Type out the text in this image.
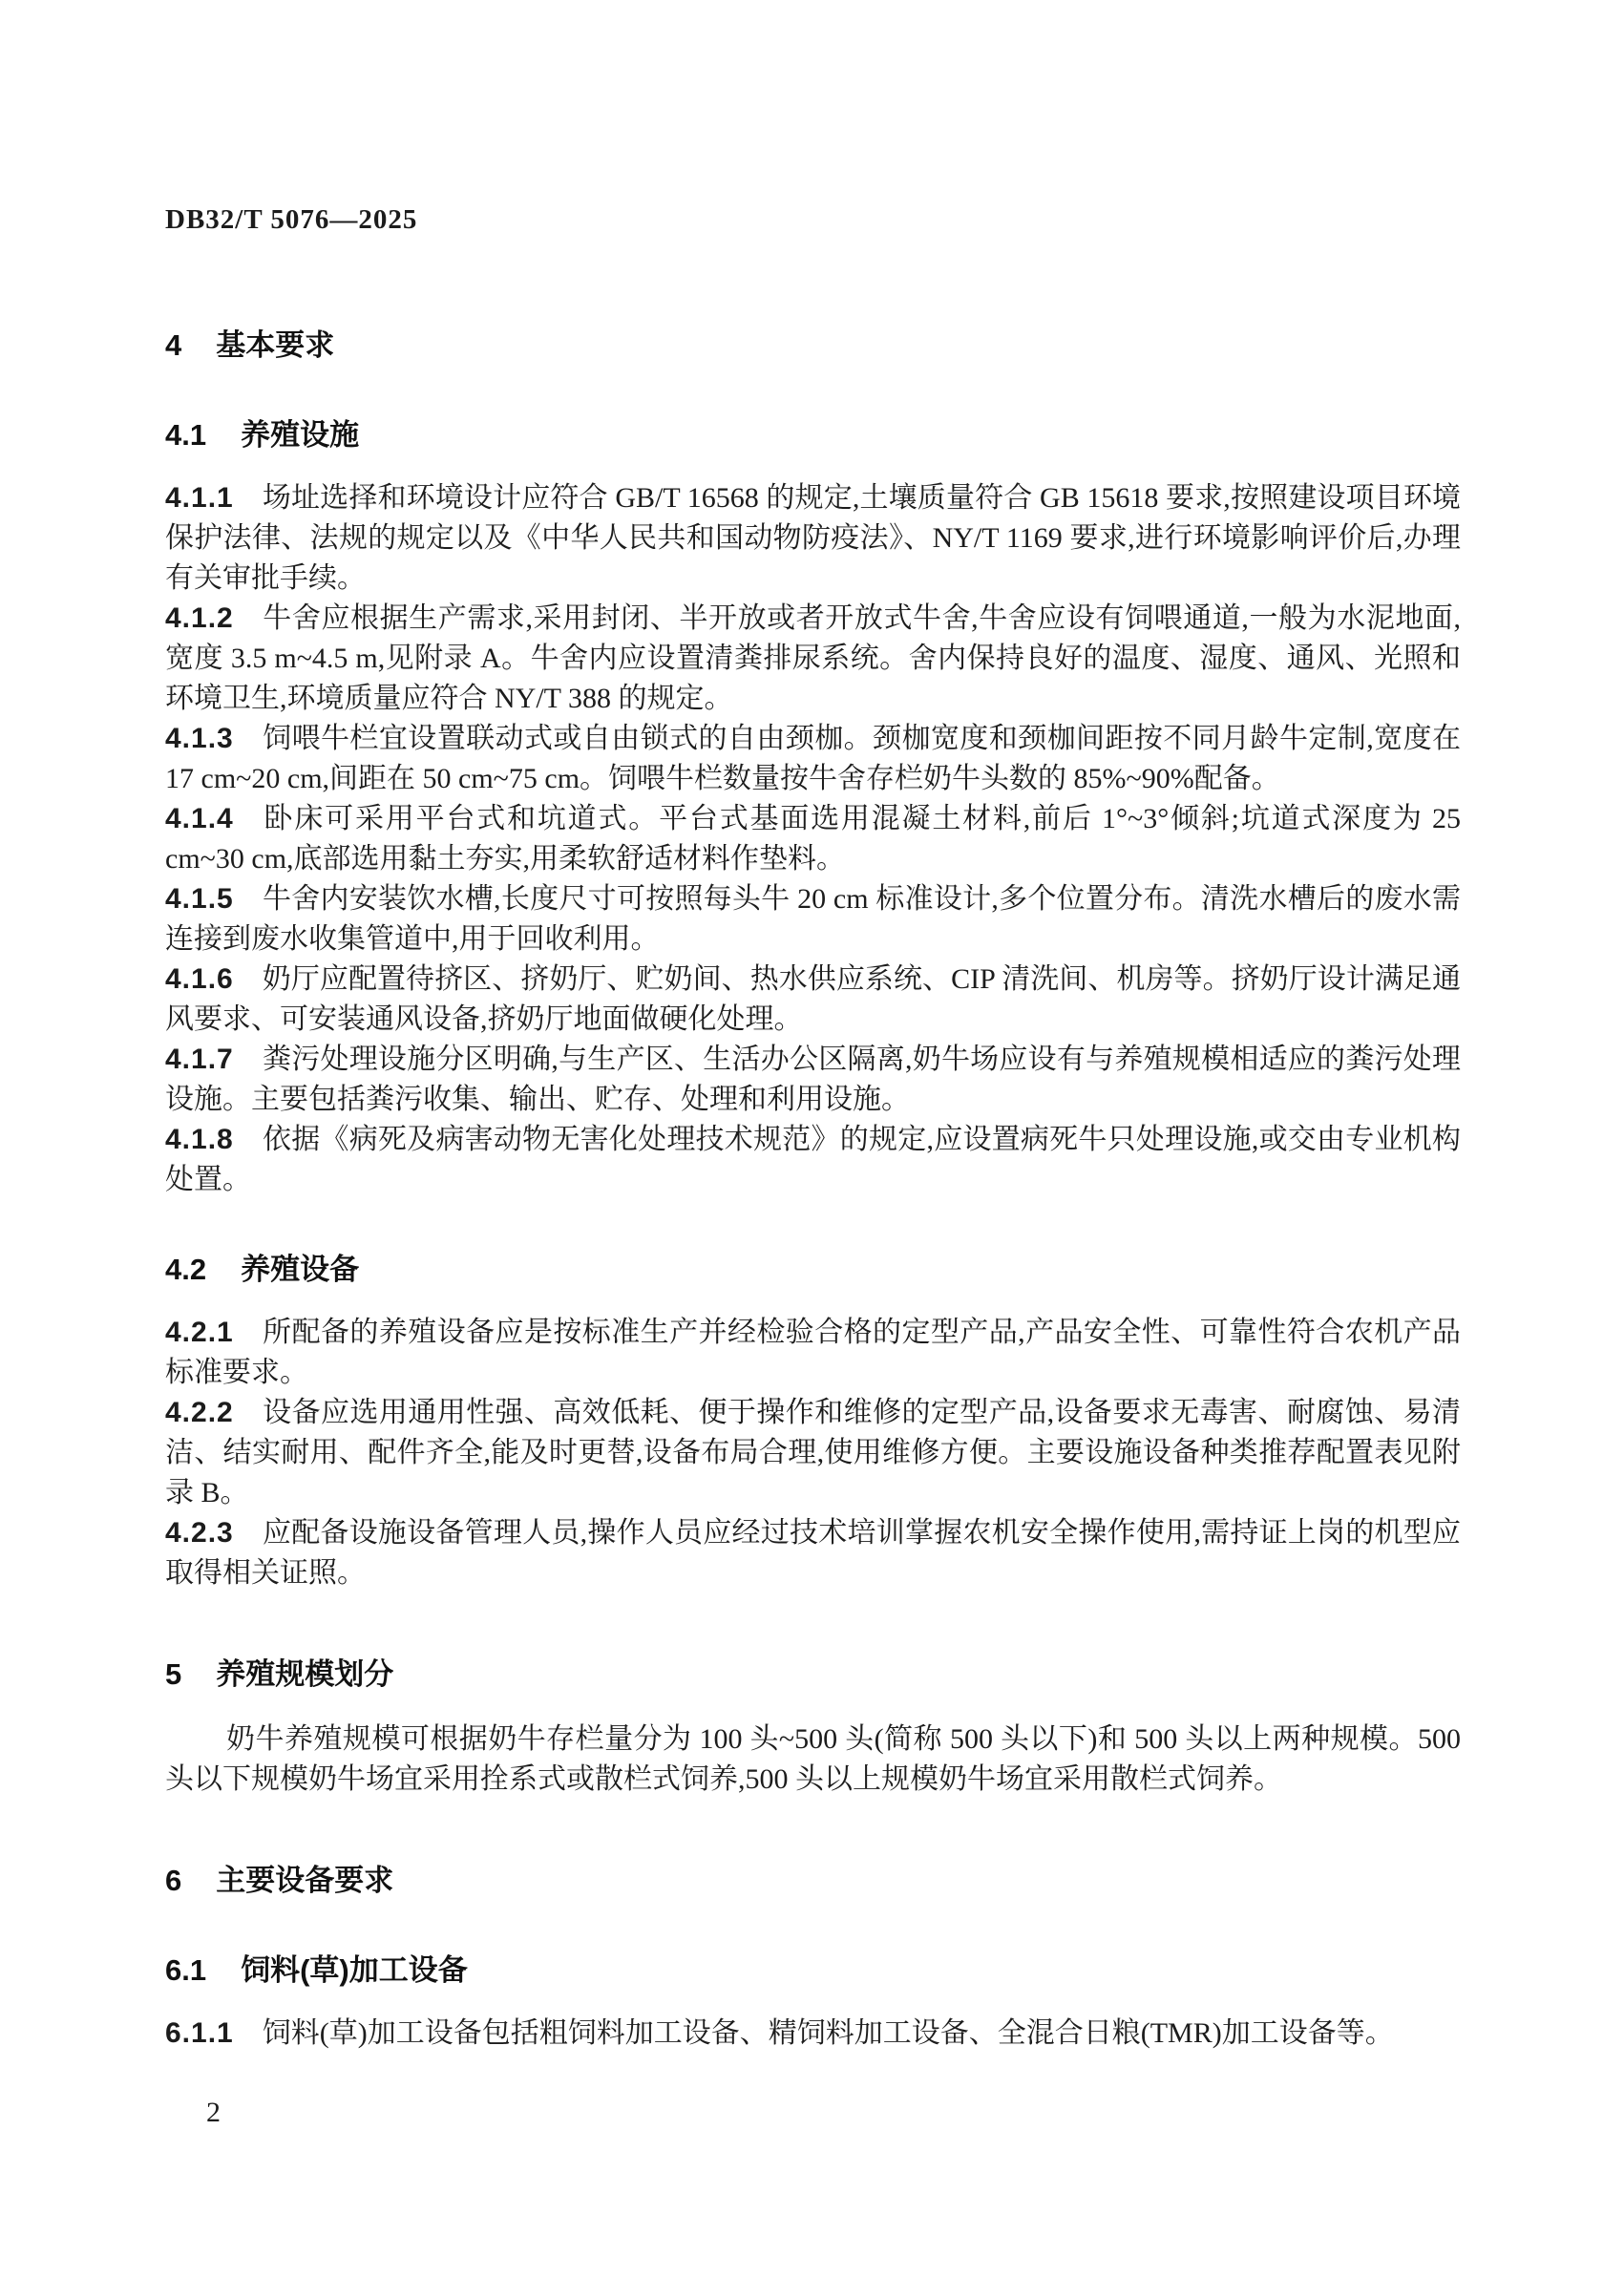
DB32/T 5076—2025
4 基本要求
4.1 养殖设施

4.1.1 场址选择和环境设计应符合 GB/T 16568 的规定,土壤质量符合 GB 15618 要求,按照建设项目环境保护法律、法规的规定以及《中华人民共和国动物防疫法》、NY/T 1169 要求,进行环境影响评价后,办理有关审批手续。

4.1.2 牛舍应根据生产需求,采用封闭、半开放或者开放式牛舍,牛舍应设有饲喂通道,一般为水泥地面,宽度 3.5 m~4.5 m,见附录 A。牛舍内应设置清粪排尿系统。舍内保持良好的温度、湿度、通风、光照和环境卫生,环境质量应符合 NY/T 388 的规定。

4.1.3 饲喂牛栏宜设置联动式或自由锁式的自由颈枷。颈枷宽度和颈枷间距按不同月龄牛定制,宽度在 17 cm~20 cm,间距在 50 cm~75 cm。饲喂牛栏数量按牛舍存栏奶牛头数的 85%~90%配备。

4.1.4 卧床可采用平台式和坑道式。平台式基面选用混凝土材料,前后 1°~3°倾斜;坑道式深度为 25 cm~30 cm,底部选用黏土夯实,用柔软舒适材料作垫料。

4.1.5 牛舍内安装饮水槽,长度尺寸可按照每头牛 20 cm 标准设计,多个位置分布。清洗水槽后的废水需连接到废水收集管道中,用于回收利用。

4.1.6 奶厅应配置待挤区、挤奶厅、贮奶间、热水供应系统、CIP 清洗间、机房等。挤奶厅设计满足通风要求、可安装通风设备,挤奶厅地面做硬化处理。

4.1.7 粪污处理设施分区明确,与生产区、生活办公区隔离,奶牛场应设有与养殖规模相适应的粪污处理设施。主要包括粪污收集、输出、贮存、处理和利用设施。

4.1.8 依据《病死及病害动物无害化处理技术规范》的规定,应设置病死牛只处理设施,或交由专业机构处置。

4.2 养殖设备

4.2.1 所配备的养殖设备应是按标准生产并经检验合格的定型产品,产品安全性、可靠性符合农机产品标准要求。

4.2.2 设备应选用通用性强、高效低耗、便于操作和维修的定型产品,设备要求无毒害、耐腐蚀、易清洁、结实耐用、配件齐全,能及时更替,设备布局合理,使用维修方便。主要设施设备种类推荐配置表见附录 B。

4.2.3 应配备设施设备管理人员,操作人员应经过技术培训掌握农机安全操作使用,需持证上岗的机型应取得相关证照。

5 养殖规模划分

奶牛养殖规模可根据奶牛存栏量分为 100 头~500 头(简称 500 头以下)和 500 头以上两种规模。500 头以下规模奶牛场宜采用拴系式或散栏式饲养,500 头以上规模奶牛场宜采用散栏式饲养。

6 主要设备要求
6.1 饲料(草)加工设备

6.1.1 饲料(草)加工设备包括粗饲料加工设备、精饲料加工设备、全混合日粮(TMR)加工设备等。

2
